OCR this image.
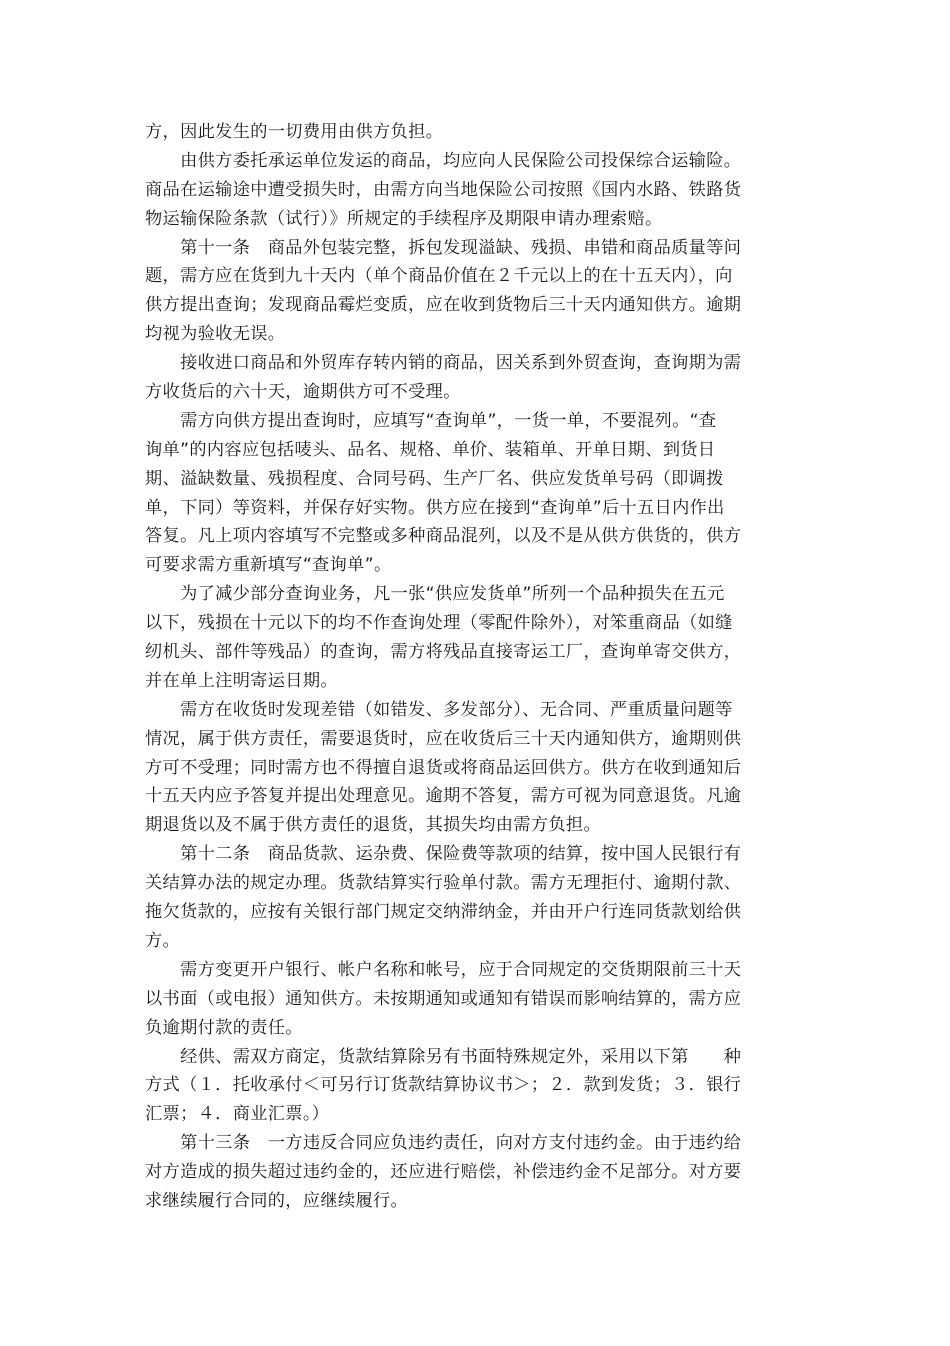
方，因此发生的一切费用由供方负担。
　　由供方委托承运单位发运的商品，均应向人民保险公司投保综合运输险。
商品在运输途中遭受损失时，由需方向当地保险公司按照《国内水路、铁路货
物运输保险条款（试行）》所规定的手续程序及期限申请办理索赔。
　　第十一条　商品外包装完整，拆包发现溢缺、残损、串错和商品质量等问
题，需方应在货到九十天内（单个商品价值在２千元以上的在十五天内），向
供方提出查询；发现商品霉烂变质，应在收到货物后三十天内通知供方。逾期
均视为验收无误。
　　接收进口商品和外贸库存转内销的商品，因关系到外贸查询，查询期为需
方收货后的六十天，逾期供方可不受理。
　　需方向供方提出查询时，应填写“查询单”，一货一单，不要混列。“查
询单”的内容应包括唛头、品名、规格、单价、装箱单、开单日期、到货日
期、溢缺数量、残损程度、合同号码、生产厂名、供应发货单号码（即调拨
单，下同）等资料，并保存好实物。供方应在接到“查询单”后十五日内作出
答复。凡上项内容填写不完整或多种商品混列，以及不是从供方供货的，供方
可要求需方重新填写“查询单”。
　　为了减少部分查询业务，凡一张“供应发货单”所列一个品种损失在五元
以下，残损在十元以下的均不作查询处理（零配件除外），对笨重商品（如缝
纫机头、部件等残品）的查询，需方将残品直接寄运工厂，查询单寄交供方，
并在单上注明寄运日期。
　　需方在收货时发现差错（如错发、多发部分）、无合同、严重质量问题等
情况，属于供方责任，需要退货时，应在收货后三十天内通知供方，逾期则供
方可不受理；同时需方也不得擅自退货或将商品运回供方。供方在收到通知后
十五天内应予答复并提出处理意见。逾期不答复，需方可视为同意退货。凡逾
期退货以及不属于供方责任的退货，其损失均由需方负担。
　　第十二条　商品货款、运杂费、保险费等款项的结算，按中国人民银行有
关结算办法的规定办理。货款结算实行验单付款。需方无理拒付、逾期付款、
拖欠货款的，应按有关银行部门规定交纳滞纳金，并由开户行连同货款划给供
方。
　　需方变更开户银行、帐户名称和帐号，应于合同规定的交货期限前三十天
以书面（或电报）通知供方。未按期通知或通知有错误而影响结算的，需方应
负逾期付款的责任。
　　经供、需双方商定，货款结算除另有书面特殊规定外，采用以下第　　种
方式（１．托收承付＜可另行订货款结算协议书＞；２．款到发货；３．银行
汇票；４．商业汇票。）
　　第十三条　一方违反合同应负违约责任，向对方支付违约金。由于违约给
对方造成的损失超过违约金的，还应进行赔偿，补偿违约金不足部分。对方要
求继续履行合同的，应继续履行。
